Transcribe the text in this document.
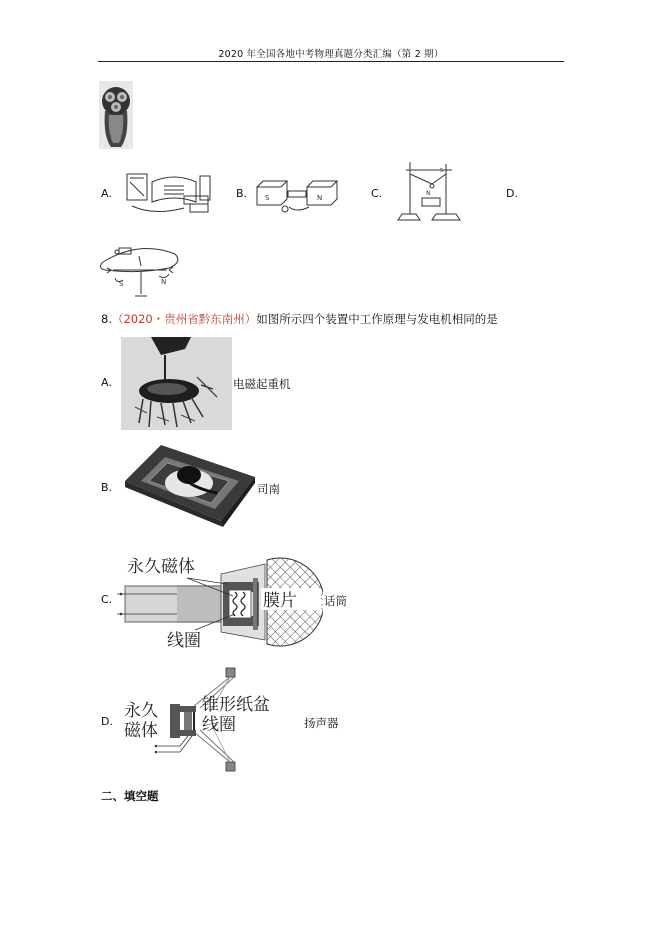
2020 年全国各地中考物理真题分类汇编（第 2 期）
A.	B.	S	N	C.	N
S
D.
S	N
8.（2020・贵州省黔东南州）如图所示四个装置中工作原理与发电机相同的是
A.	电磁起重机
B.	司南
C.
永久磁体
膜片
线圈
话筒
D.
永久
磁体
锥形纸盆
线圈	扬声器
二、填空题
